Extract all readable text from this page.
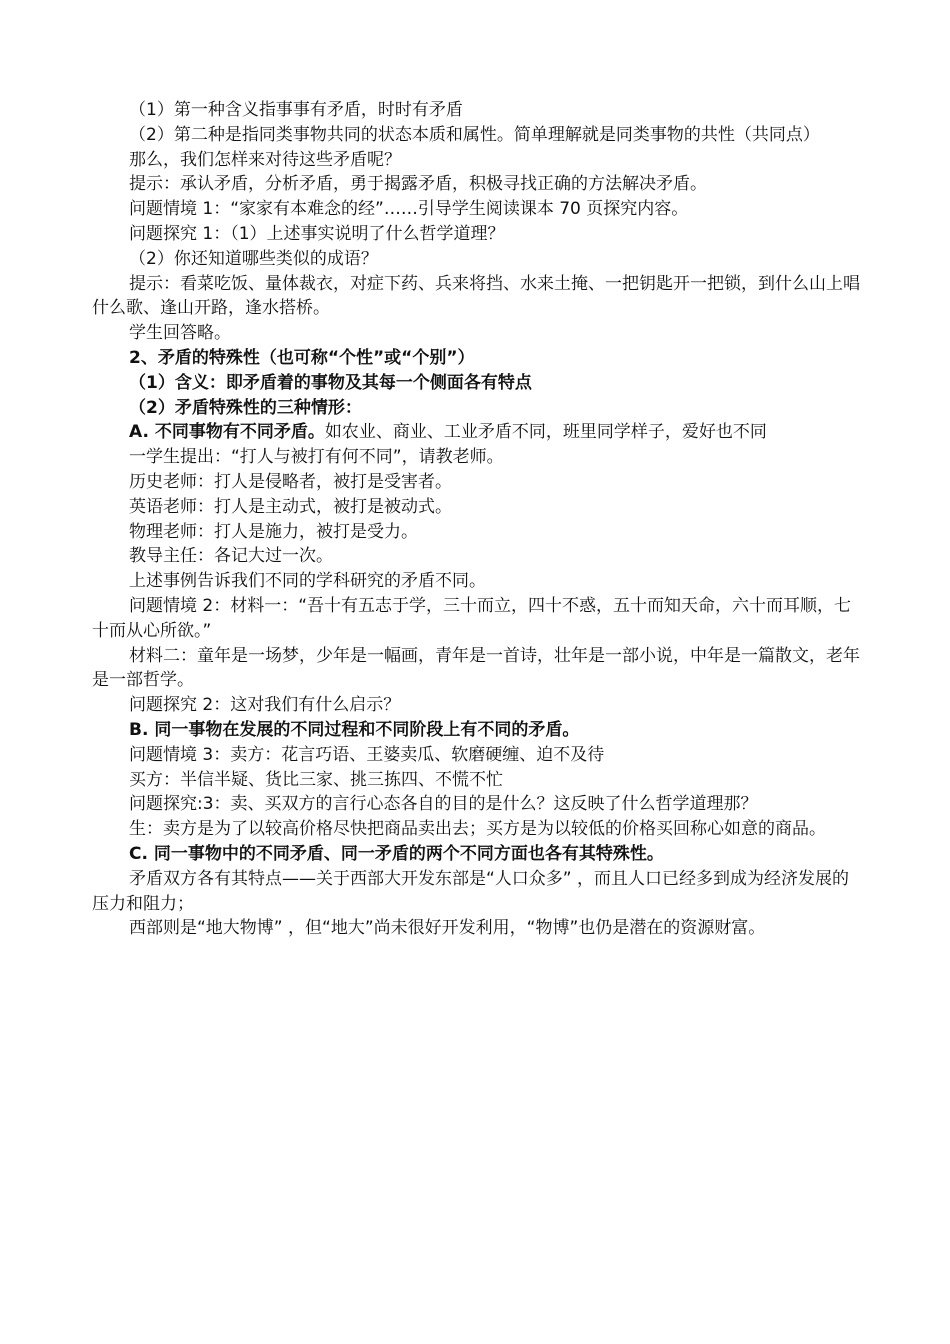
（1）第一种含义指事事有矛盾，时时有矛盾

（2）第二种是指同类事物共同的状态本质和属性。简单理解就是同类事物的共性（共同点）

那么，我们怎样来对待这些矛盾呢？

提示：承认矛盾，分析矛盾，勇于揭露矛盾，积极寻找正确的方法解决矛盾。

问题情境 1：“家家有本难念的经”……引导学生阅读课本 70 页探究内容。

问题探究 1：（1）上述事实说明了什么哲学道理？

（2）你还知道哪些类似的成语？

提示：看菜吃饭、量体裁衣，对症下药、兵来将挡、水来土掩、一把钥匙开一把锁，到什么山上唱什么歌、逢山开路，逢水搭桥。

学生回答略。

2、矛盾的特殊性（也可称“个性”或“个别”）

（1）含义：即矛盾着的事物及其每一个侧面各有特点

（2）矛盾特殊性的三种情形：

A. 不同事物有不同矛盾。如农业、商业、工业矛盾不同，班里同学样子，爱好也不同

一学生提出：“打人与被打有何不同”，请教老师。

历史老师：打人是侵略者，被打是受害者。

英语老师：打人是主动式，被打是被动式。

物理老师：打人是施力，被打是受力。

教导主任：各记大过一次。

上述事例告诉我们不同的学科研究的矛盾不同。

问题情境 2：材料一：“吾十有五志于学，三十而立，四十不惑，五十而知天命，六十而耳顺，七十而从心所欲。”

材料二：童年是一场梦，少年是一幅画，青年是一首诗，壮年是一部小说，中年是一篇散文，老年是一部哲学。

问题探究 2：这对我们有什么启示？

B. 同一事物在发展的不同过程和不同阶段上有不同的矛盾。

问题情境 3：卖方：花言巧语、王婆卖瓜、软磨硬缠、迫不及待

买方：半信半疑、货比三家、挑三拣四、不慌不忙

问题探究:3：卖、买双方的言行心态各自的目的是什么？这反映了什么哲学道理那？

生：卖方是为了以较高价格尽快把商品卖出去；买方是为以较低的价格买回称心如意的商品。

C. 同一事物中的不同矛盾、同一矛盾的两个不同方面也各有其特殊性。

矛盾双方各有其特点——关于西部大开发东部是“人口众多” ，而且人口已经多到成为经济发展的压力和阻力；

西部则是“地大物博” ，但“地大”尚未很好开发利用，“物博”也仍是潜在的资源财富。
